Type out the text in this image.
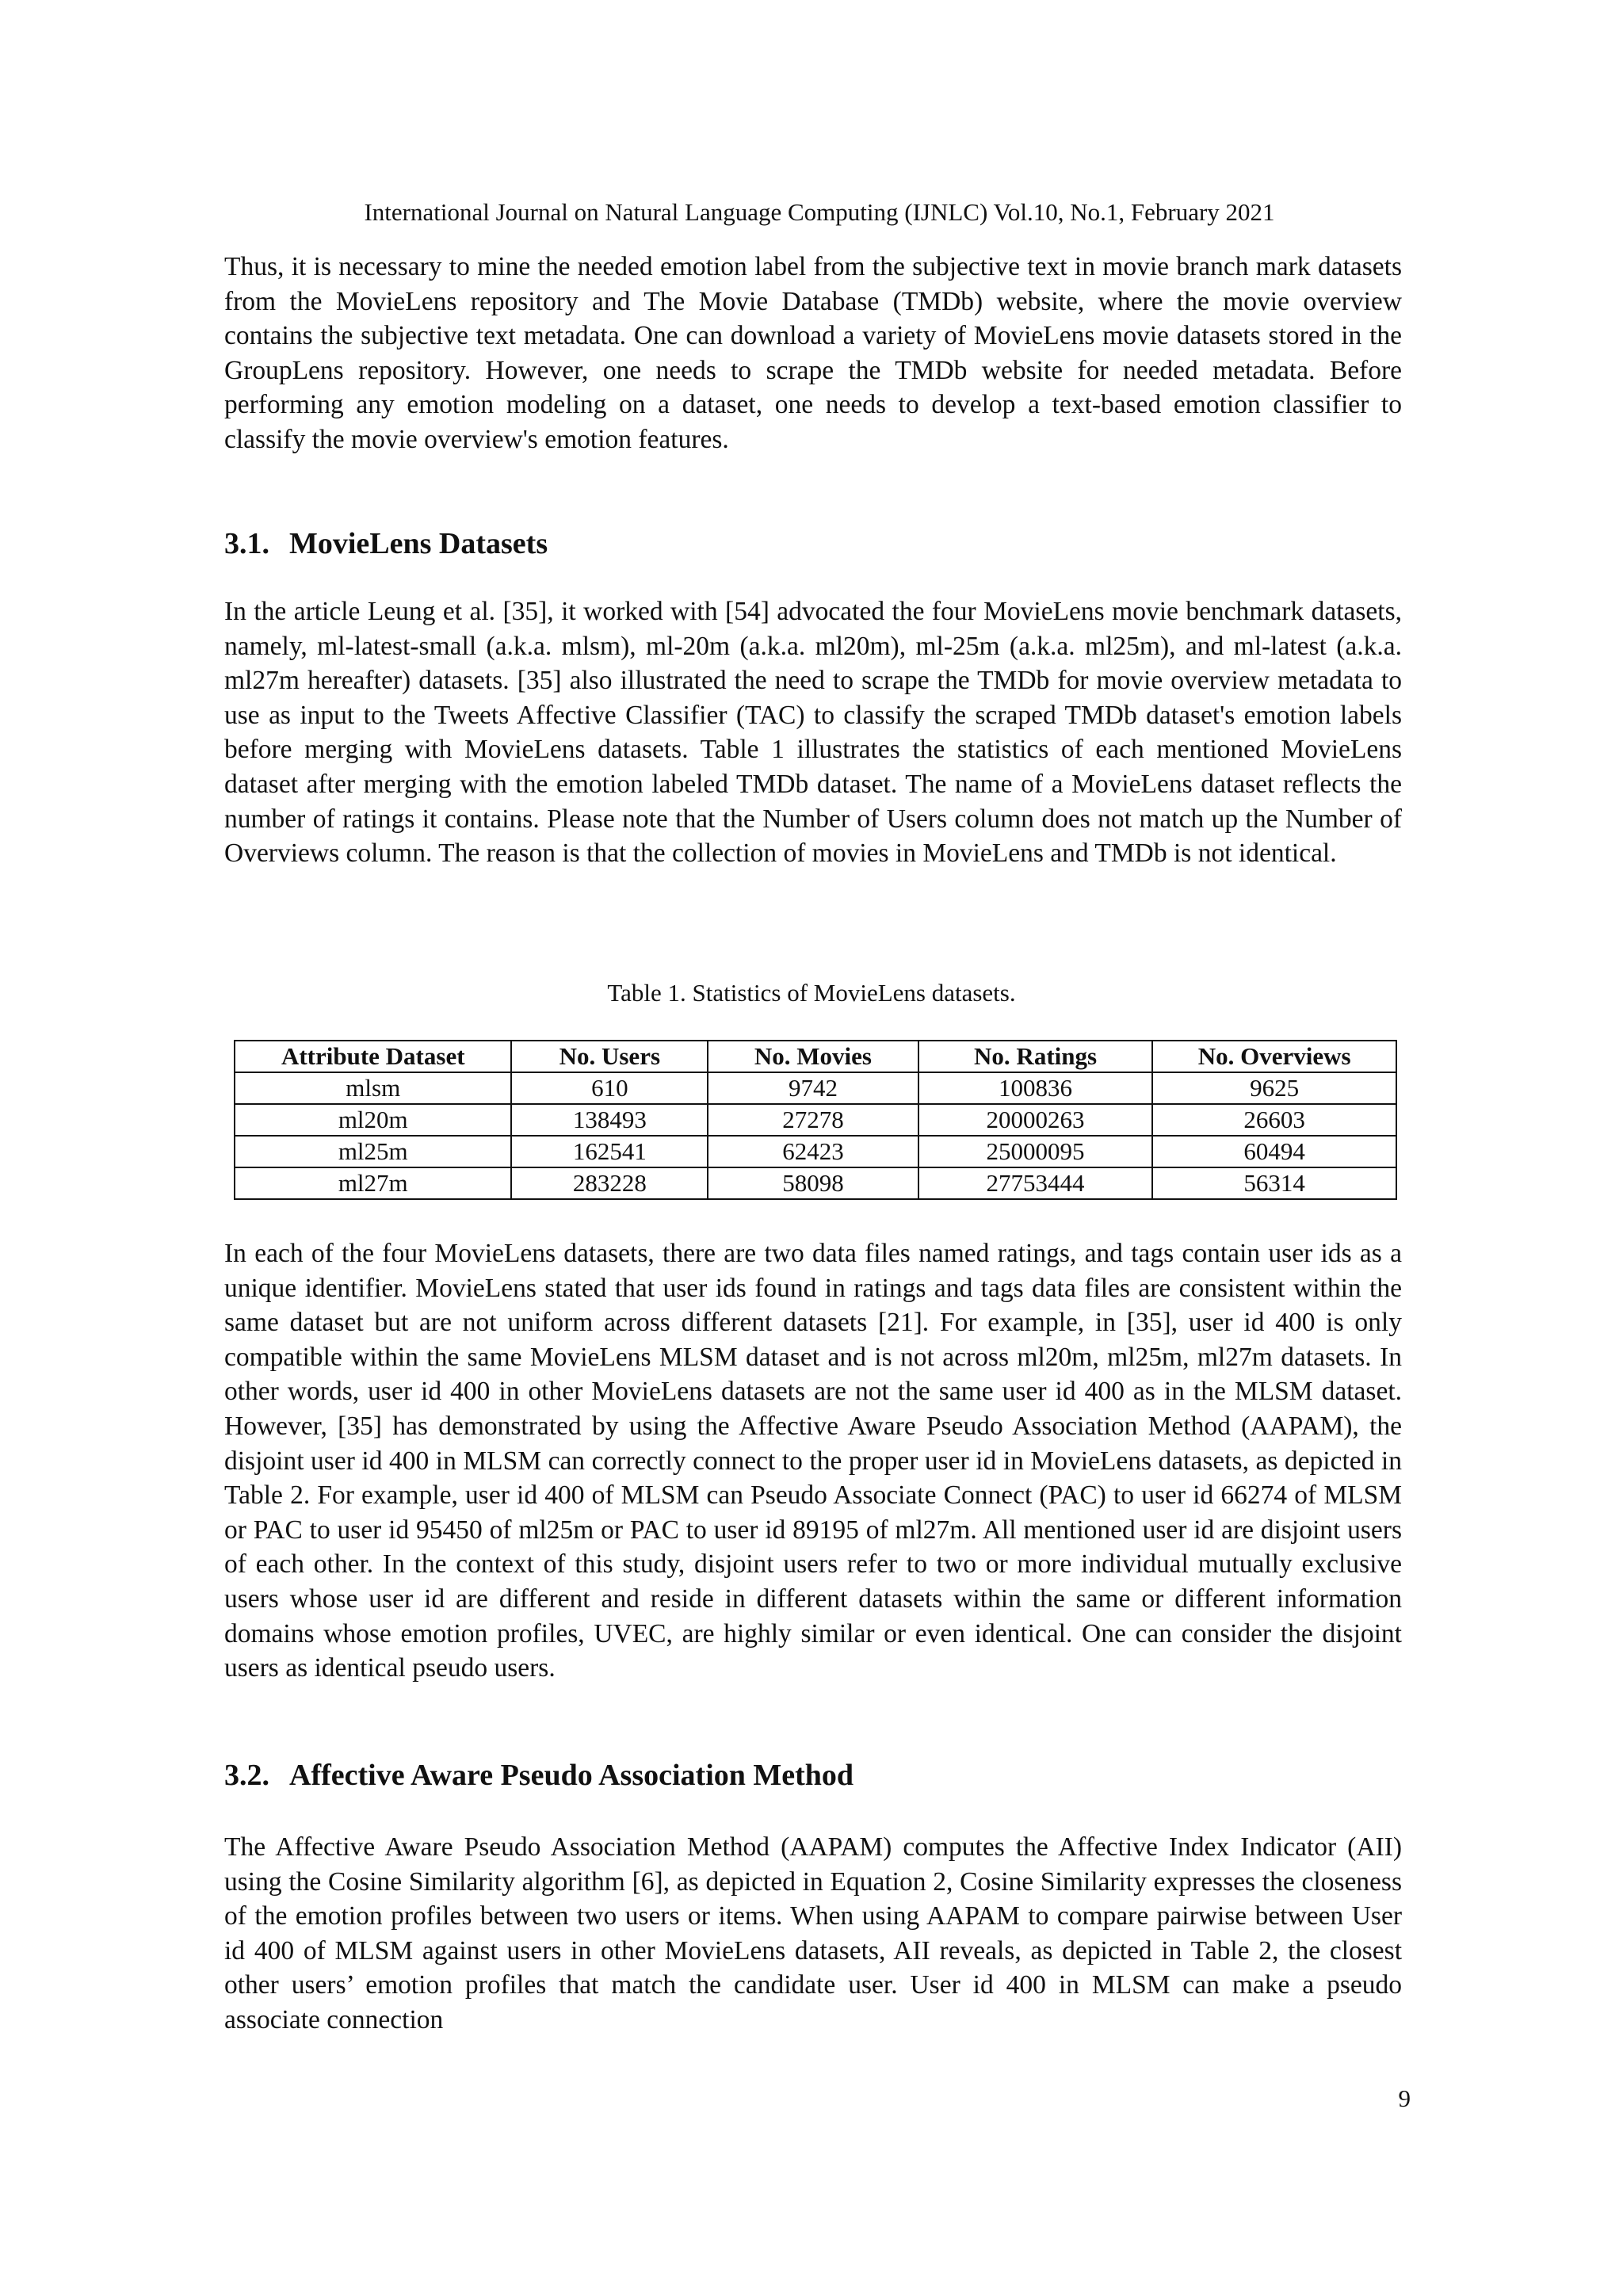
International Journal on Natural Language Computing (IJNLC) Vol.10, No.1, February 2021

Thus, it is necessary to mine the needed emotion label from the subjective text in movie branch mark datasets from the MovieLens repository and The Movie Database (TMDb) website, where the movie overview contains the subjective text metadata. One can download a variety of MovieLens movie datasets stored in the GroupLens repository. However, one needs to scrape the TMDb website for needed metadata. Before performing any emotion modeling on a dataset, one needs to develop a text-based emotion classifier to classify the movie overview's emotion features.

3.1. MovieLens Datasets

In the article Leung et al. [35], it worked with [54] advocated the four MovieLens movie benchmark datasets, namely, ml-latest-small (a.k.a. mlsm), ml-20m (a.k.a. ml20m), ml-25m (a.k.a. ml25m), and ml-latest (a.k.a. ml27m hereafter) datasets. [35] also illustrated the need to scrape the TMDb for movie overview metadata to use as input to the Tweets Affective Classifier (TAC) to classify the scraped TMDb dataset's emotion labels before merging with MovieLens datasets. Table 1 illustrates the statistics of each mentioned MovieLens dataset after merging with the emotion labeled TMDb dataset. The name of a MovieLens dataset reflects the number of ratings it contains. Please note that the Number of Users column does not match up the Number of Overviews column. The reason is that the collection of movies in MovieLens and TMDb is not identical.

Table 1. Statistics of MovieLens datasets.
Attribute Dataset	No. Users	No. Movies	No. Ratings	No. Overviews
mlsm	610	9742	100836	9625
ml20m	138493	27278	20000263	26603
ml25m	162541	62423	25000095	60494
ml27m	283228	58098	27753444	56314

In each of the four MovieLens datasets, there are two data files named ratings, and tags contain user ids as a unique identifier. MovieLens stated that user ids found in ratings and tags data files are consistent within the same dataset but are not uniform across different datasets [21]. For example, in [35], user id 400 is only compatible within the same MovieLens MLSM dataset and is not across ml20m, ml25m, ml27m datasets. In other words, user id 400 in other MovieLens datasets are not the same user id 400 as in the MLSM dataset. However, [35] has demonstrated by using the Affective Aware Pseudo Association Method (AAPAM), the disjoint user id 400 in MLSM can correctly connect to the proper user id in MovieLens datasets, as depicted in Table 2. For example, user id 400 of MLSM can Pseudo Associate Connect (PAC) to user id 66274 of MLSM or PAC to user id 95450 of ml25m or PAC to user id 89195 of ml27m. All mentioned user id are disjoint users of each other. In the context of this study, disjoint users refer to two or more individual mutually exclusive users whose user id are different and reside in different datasets within the same or different information domains whose emotion profiles, UVEC, are highly similar or even identical. One can consider the disjoint users as identical pseudo users.

3.2. Affective Aware Pseudo Association Method

The Affective Aware Pseudo Association Method (AAPAM) computes the Affective Index Indicator (AII) using the Cosine Similarity algorithm [6], as depicted in Equation 2, Cosine Similarity expresses the closeness of the emotion profiles between two users or items. When using AAPAM to compare pairwise between User id 400 of MLSM against users in other MovieLens datasets, AII reveals, as depicted in Table 2, the closest other users’ emotion profiles that match the candidate user. User id 400 in MLSM can make a pseudo associate connection

9
